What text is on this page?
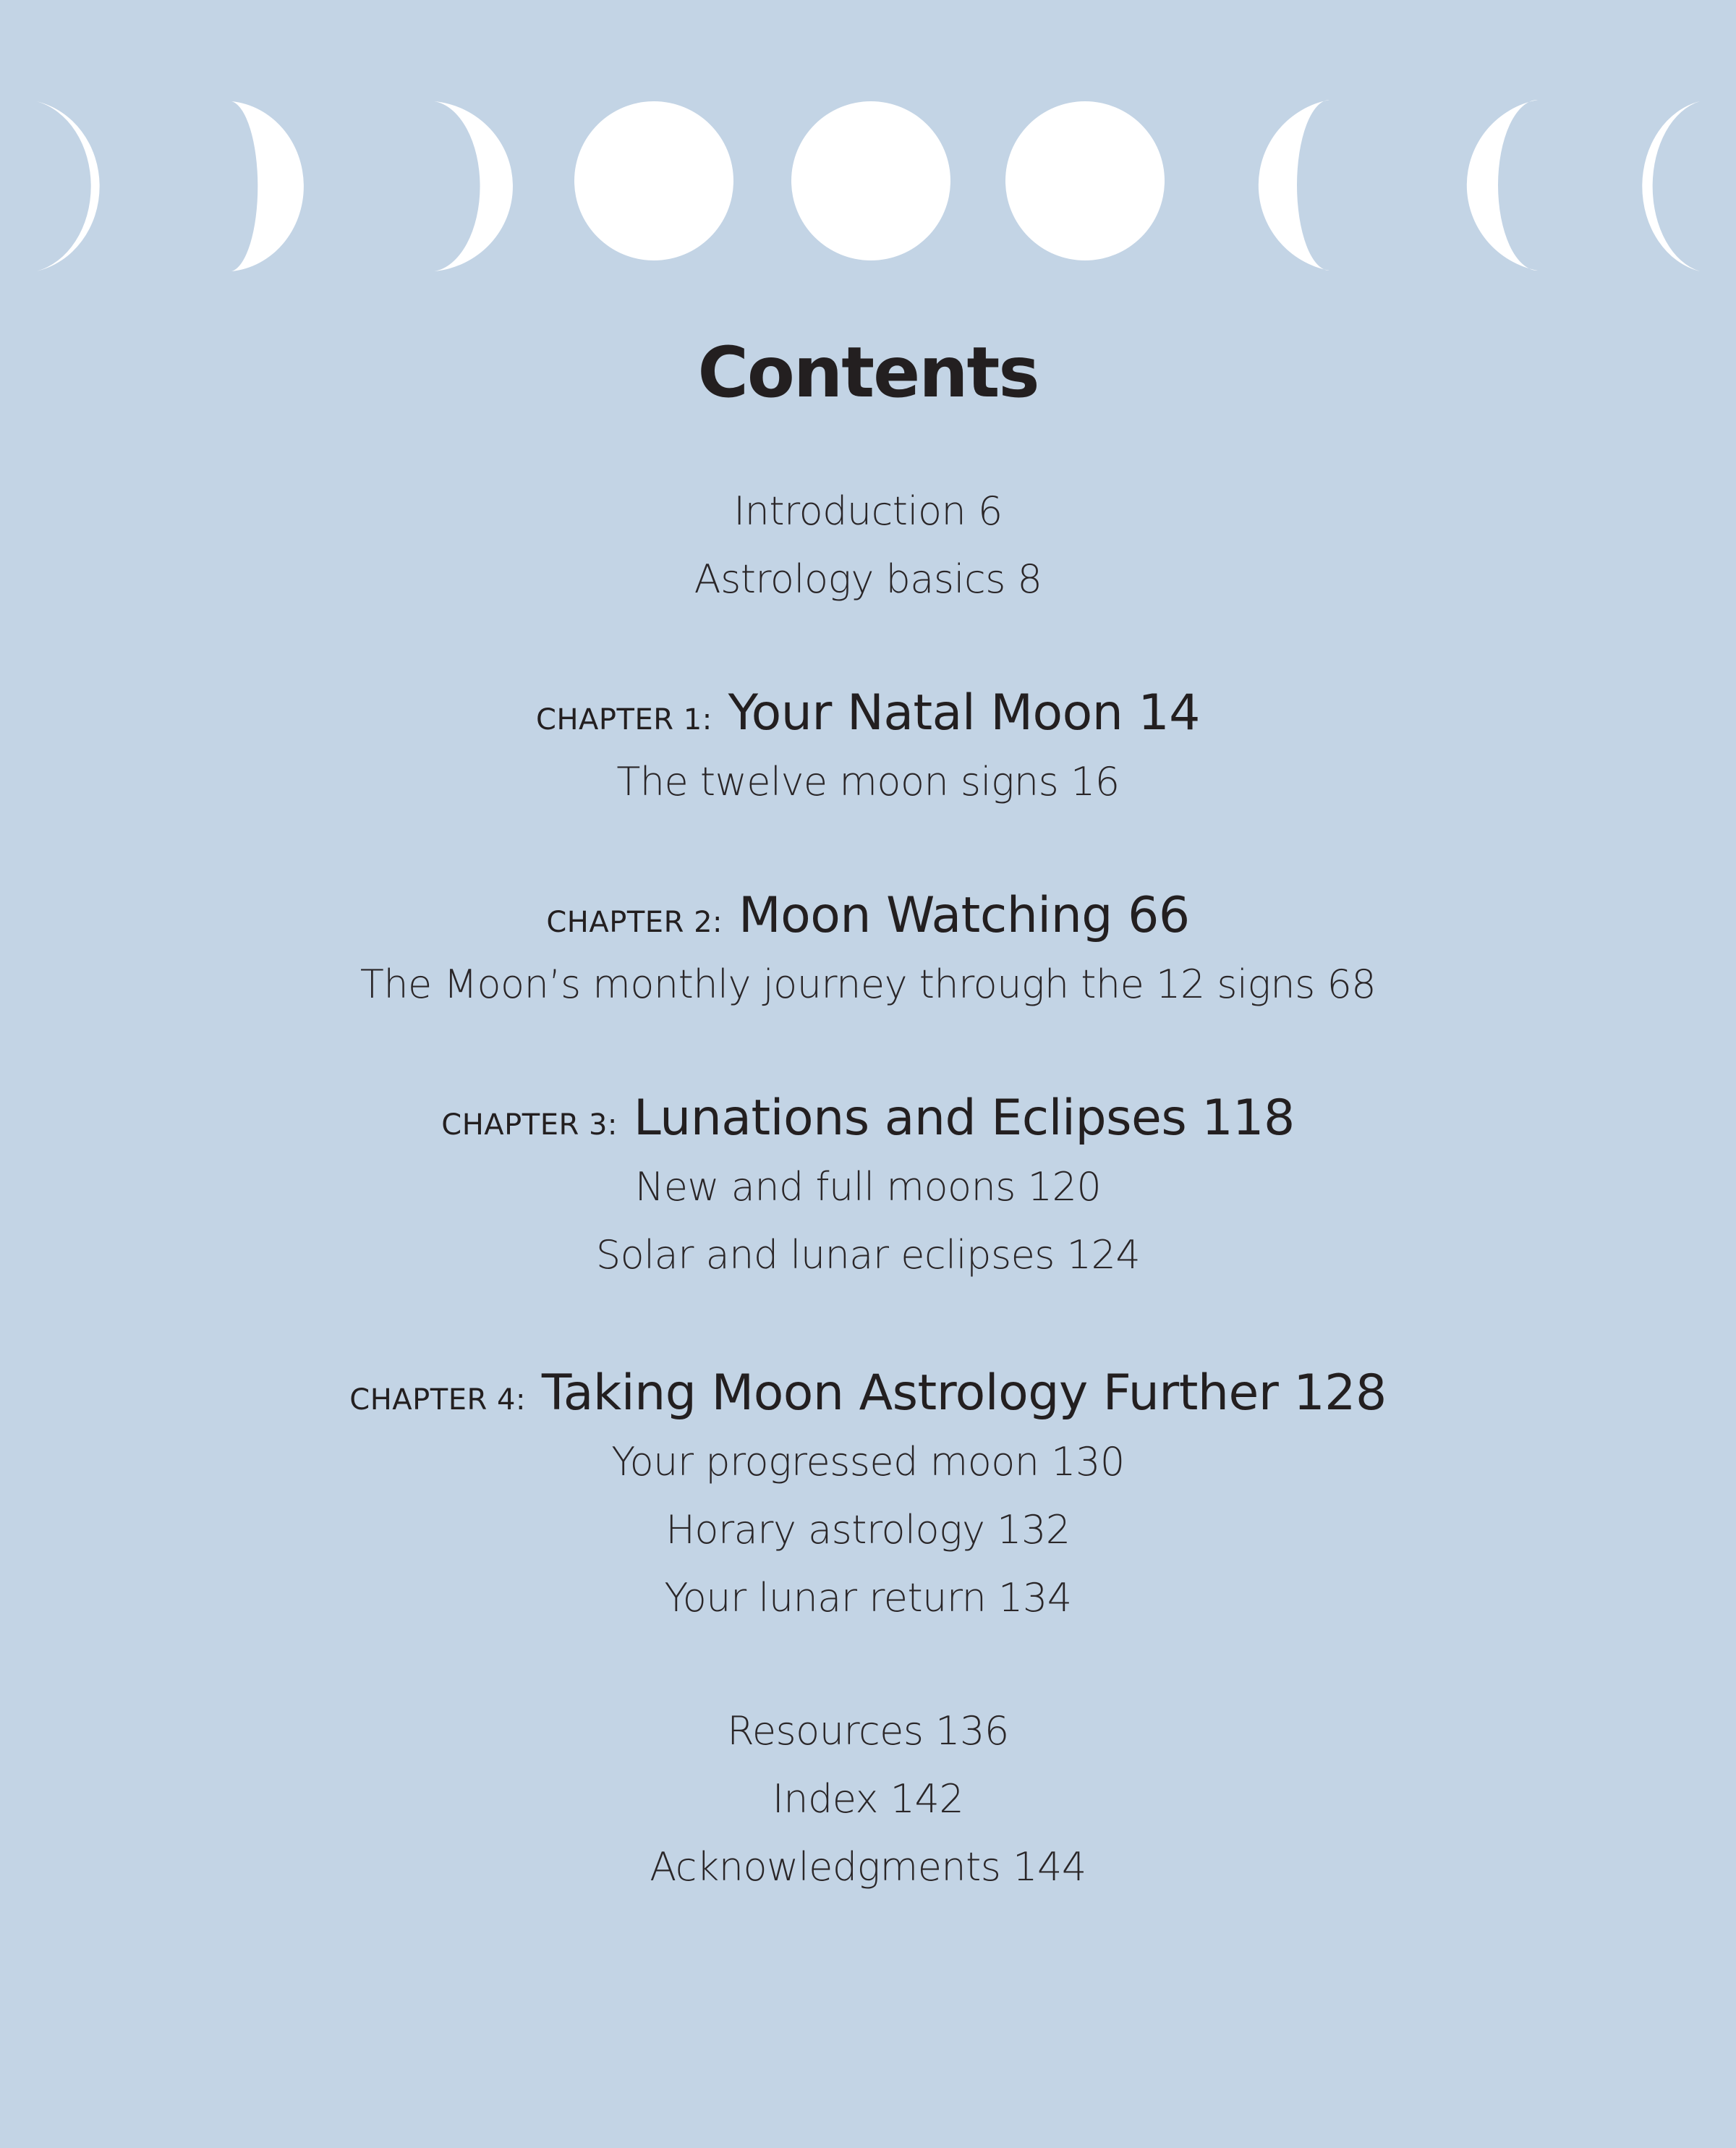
Contents
Introduction 6
Astrology basics 8
CHAPTER 1: Your Natal Moon 14
The twelve moon signs 16
CHAPTER 2: Moon Watching 66
The Moon’s monthly journey through the 12 signs 68
CHAPTER 3: Lunations and Eclipses 118
New and full moons 120
Solar and lunar eclipses 124
CHAPTER 4: Taking Moon Astrology Further 128
Your progressed moon 130
Horary astrology 132
Your lunar return 134
Resources 136
Index 142
Acknowledgments 144
